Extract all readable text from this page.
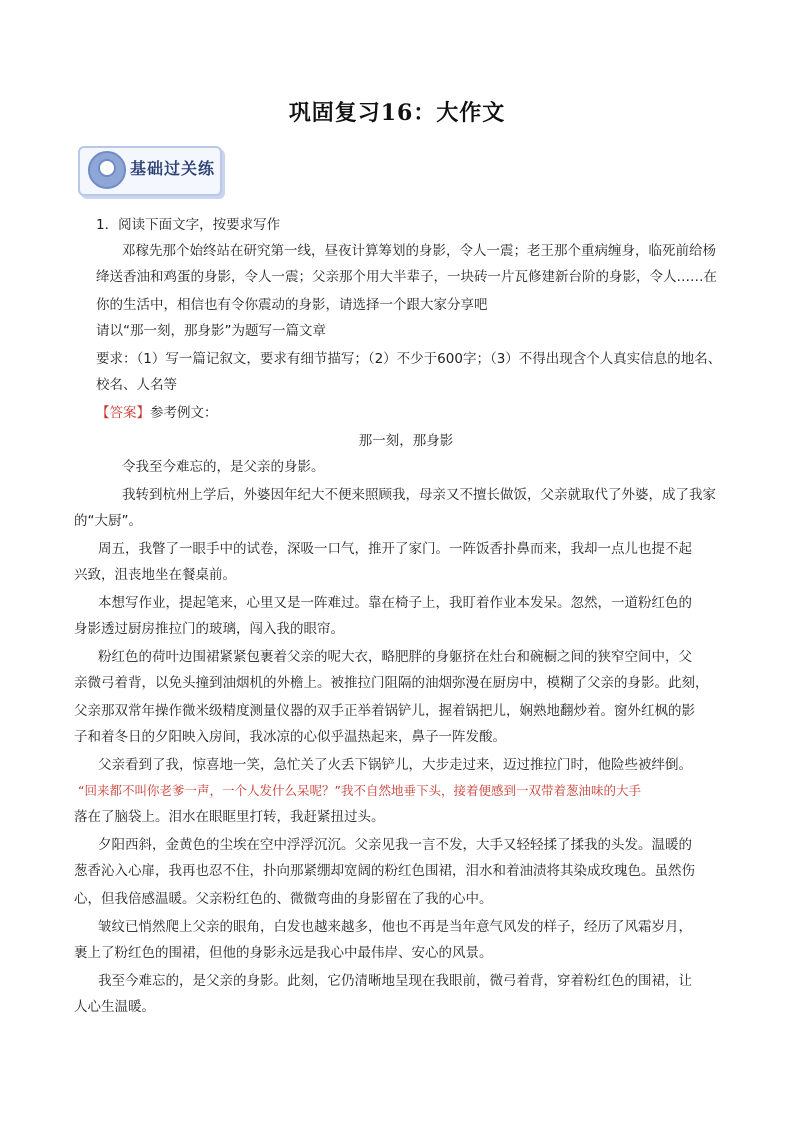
巩固复习16：大作文
基础过关练
1．阅读下面文字，按要求写作
邓稼先那个始终站在研究第一线，昼夜计算筹划的身影，令人一震；老王那个重病缠身，临死前给杨
绛送香油和鸡蛋的身影，令人一震；父亲那个用大半辈子，一块砖一片瓦修建新台阶的身影，令人……在
你的生活中，相信也有令你震动的身影，请选择一个跟大家分享吧
请以“那一刻，那身影”为题写一篇文章
要求：（1）写一篇记叙文，要求有细节描写；（2）不少于600字；（3）不得出现含个人真实信息的地名、
校名、人名等
【答案】参考例文：
那一刻，那身影
令我至今难忘的，是父亲的身影。
我转到杭州上学后，外婆因年纪大不便来照顾我，母亲又不擅长做饭，父亲就取代了外婆，成了我家
的“大厨”。
周五，我瞥了一眼手中的试卷，深吸一口气，推开了家门。一阵饭香扑鼻而来，我却一点儿也提不起
兴致，沮丧地坐在餐桌前。
本想写作业，提起笔来，心里又是一阵难过。靠在椅子上，我盯着作业本发呆。忽然，一道粉红色的
身影透过厨房推拉门的玻璃，闯入我的眼帘。
粉红色的荷叶边围裙紧紧包裹着父亲的呢大衣，略肥胖的身躯挤在灶台和碗橱之间的狭窄空间中，父
亲微弓着背，以免头撞到油烟机的外檐上。被推拉门阻隔的油烟弥漫在厨房中，模糊了父亲的身影。此刻，
父亲那双常年操作微米级精度测量仪器的双手正举着锅铲儿，握着锅把儿，娴熟地翻炒着。窗外红枫的影
子和着冬日的夕阳映入房间，我冰凉的心似乎温热起来，鼻子一阵发酸。
父亲看到了我，惊喜地一笑，急忙关了火丢下锅铲儿，大步走过来，迈过推拉门时，他险些被绊倒。
“回来都不叫你老爹一声，一个人发什么呆呢？”我不自然地垂下头，接着便感到一双带着葱油味的大手
落在了脑袋上。泪水在眼眶里打转，我赶紧扭过头。
夕阳西斜，金黄色的尘埃在空中浮浮沉沉。父亲见我一言不发，大手又轻轻揉了揉我的头发。温暖的
葱香沁入心扉，我再也忍不住，扑向那紧绷却宽阔的粉红色围裙，泪水和着油渍将其染成玫瑰色。虽然伤
心，但我倍感温暖。父亲粉红色的、微微弯曲的身影留在了我的心中。
皱纹已悄然爬上父亲的眼角，白发也越来越多，他也不再是当年意气风发的样子，经历了风霜岁月，
裹上了粉红色的围裙，但他的身影永远是我心中最伟岸、安心的风景。
我至今难忘的，是父亲的身影。此刻，它仍清晰地呈现在我眼前，微弓着背，穿着粉红色的围裙，让
人心生温暖。
